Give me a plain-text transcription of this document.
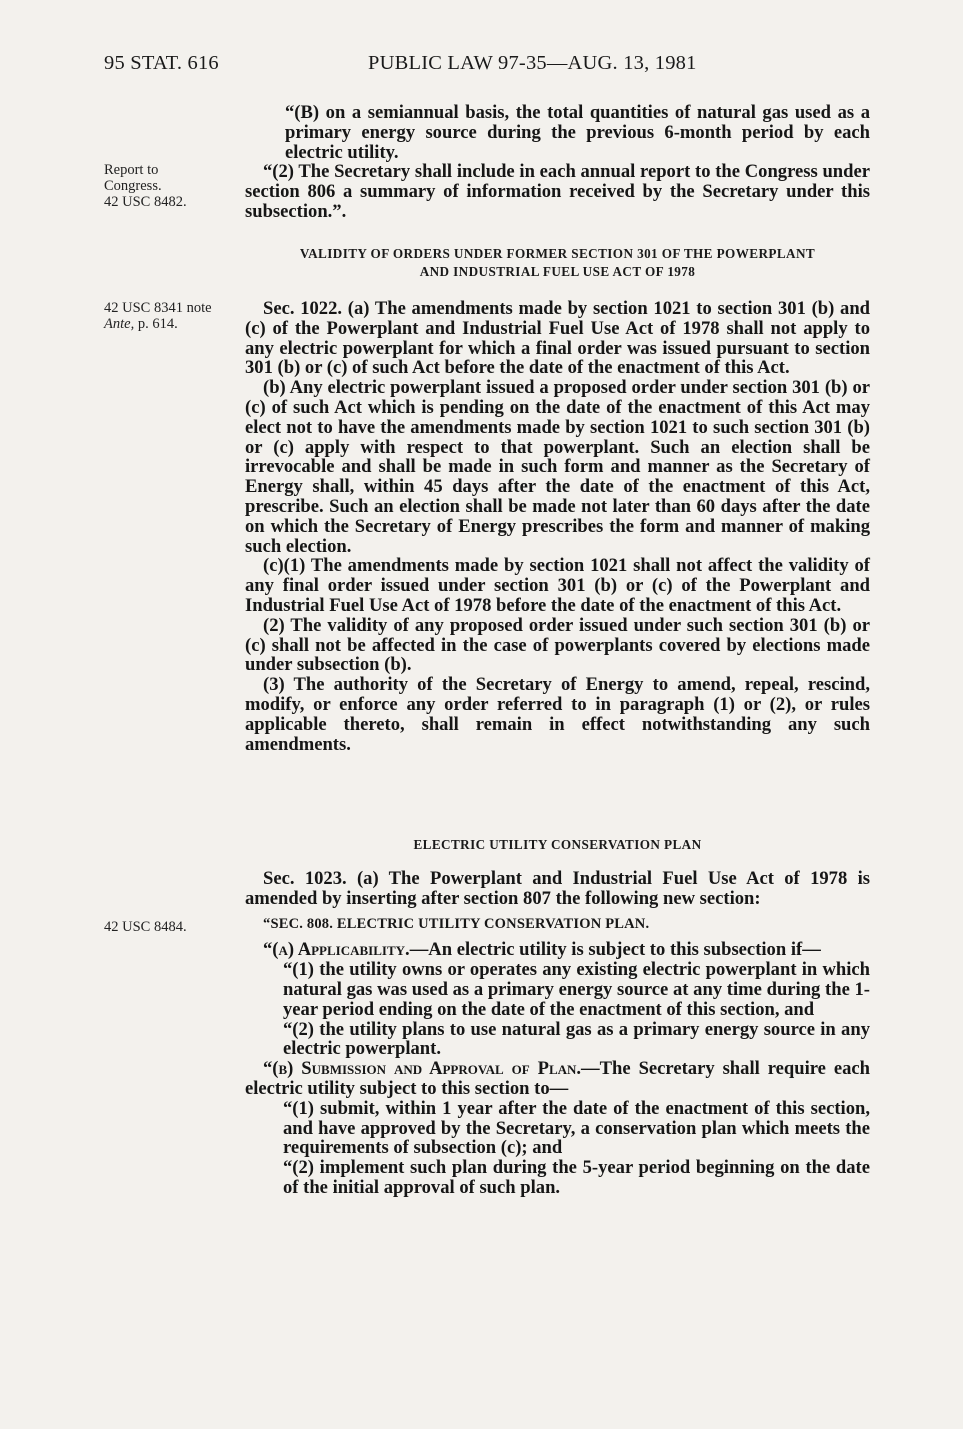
95 STAT. 616	PUBLIC LAW 97-35—AUG. 13, 1981
Report to
Congress.
42 USC 8482.
42 USC 8341 note
Ante, p. 614.
42 USC 8484.

“(B) on a semiannual basis, the total quantities of natural gas used as a primary energy source during the previous 6-month period by each electric utility.

“(2) The Secretary shall include in each annual report to the Congress under section 806 a summary of information received by the Secretary under this subsection.”.

VALIDITY OF ORDERS UNDER FORMER SECTION 301 OF THE POWERPLANT
AND INDUSTRIAL FUEL USE ACT OF 1978

Sec. 1022. (a) The amendments made by section 1021 to section 301 (b) and (c) of the Powerplant and Industrial Fuel Use Act of 1978 shall not apply to any electric powerplant for which a final order was issued pursuant to section 301 (b) or (c) of such Act before the date of the enactment of this Act.

(b) Any electric powerplant issued a proposed order under section 301 (b) or (c) of such Act which is pending on the date of the enactment of this Act may elect not to have the amendments made by section 1021 to such section 301 (b) or (c) apply with respect to that powerplant. Such an election shall be irrevocable and shall be made in such form and manner as the Secretary of Energy shall, within 45 days after the date of the enactment of this Act, prescribe. Such an election shall be made not later than 60 days after the date on which the Secretary of Energy prescribes the form and manner of making such election.

(c)(1) The amendments made by section 1021 shall not affect the validity of any final order issued under section 301 (b) or (c) of the Powerplant and Industrial Fuel Use Act of 1978 before the date of the enactment of this Act.

(2) The validity of any proposed order issued under such section 301 (b) or (c) shall not be affected in the case of powerplants covered by elections made under subsection (b).

(3) The authority of the Secretary of Energy to amend, repeal, rescind, modify, or enforce any order referred to in paragraph (1) or (2), or rules applicable thereto, shall remain in effect notwithstanding any such amendments.

ELECTRIC UTILITY CONSERVATION PLAN

Sec. 1023. (a) The Powerplant and Industrial Fuel Use Act of 1978 is amended by inserting after section 807 the following new section:

“SEC. 808. ELECTRIC UTILITY CONSERVATION PLAN.

“(a) Applicability.—An electric utility is subject to this subsection if—

“(1) the utility owns or operates any existing electric powerplant in which natural gas was used as a primary energy source at any time during the 1-year period ending on the date of the enactment of this section, and

“(2) the utility plans to use natural gas as a primary energy source in any electric powerplant.

“(b) Submission and Approval of Plan.—The Secretary shall require each electric utility subject to this section to—

“(1) submit, within 1 year after the date of the enactment of this section, and have approved by the Secretary, a conservation plan which meets the requirements of subsection (c); and

“(2) implement such plan during the 5-year period beginning on the date of the initial approval of such plan.
